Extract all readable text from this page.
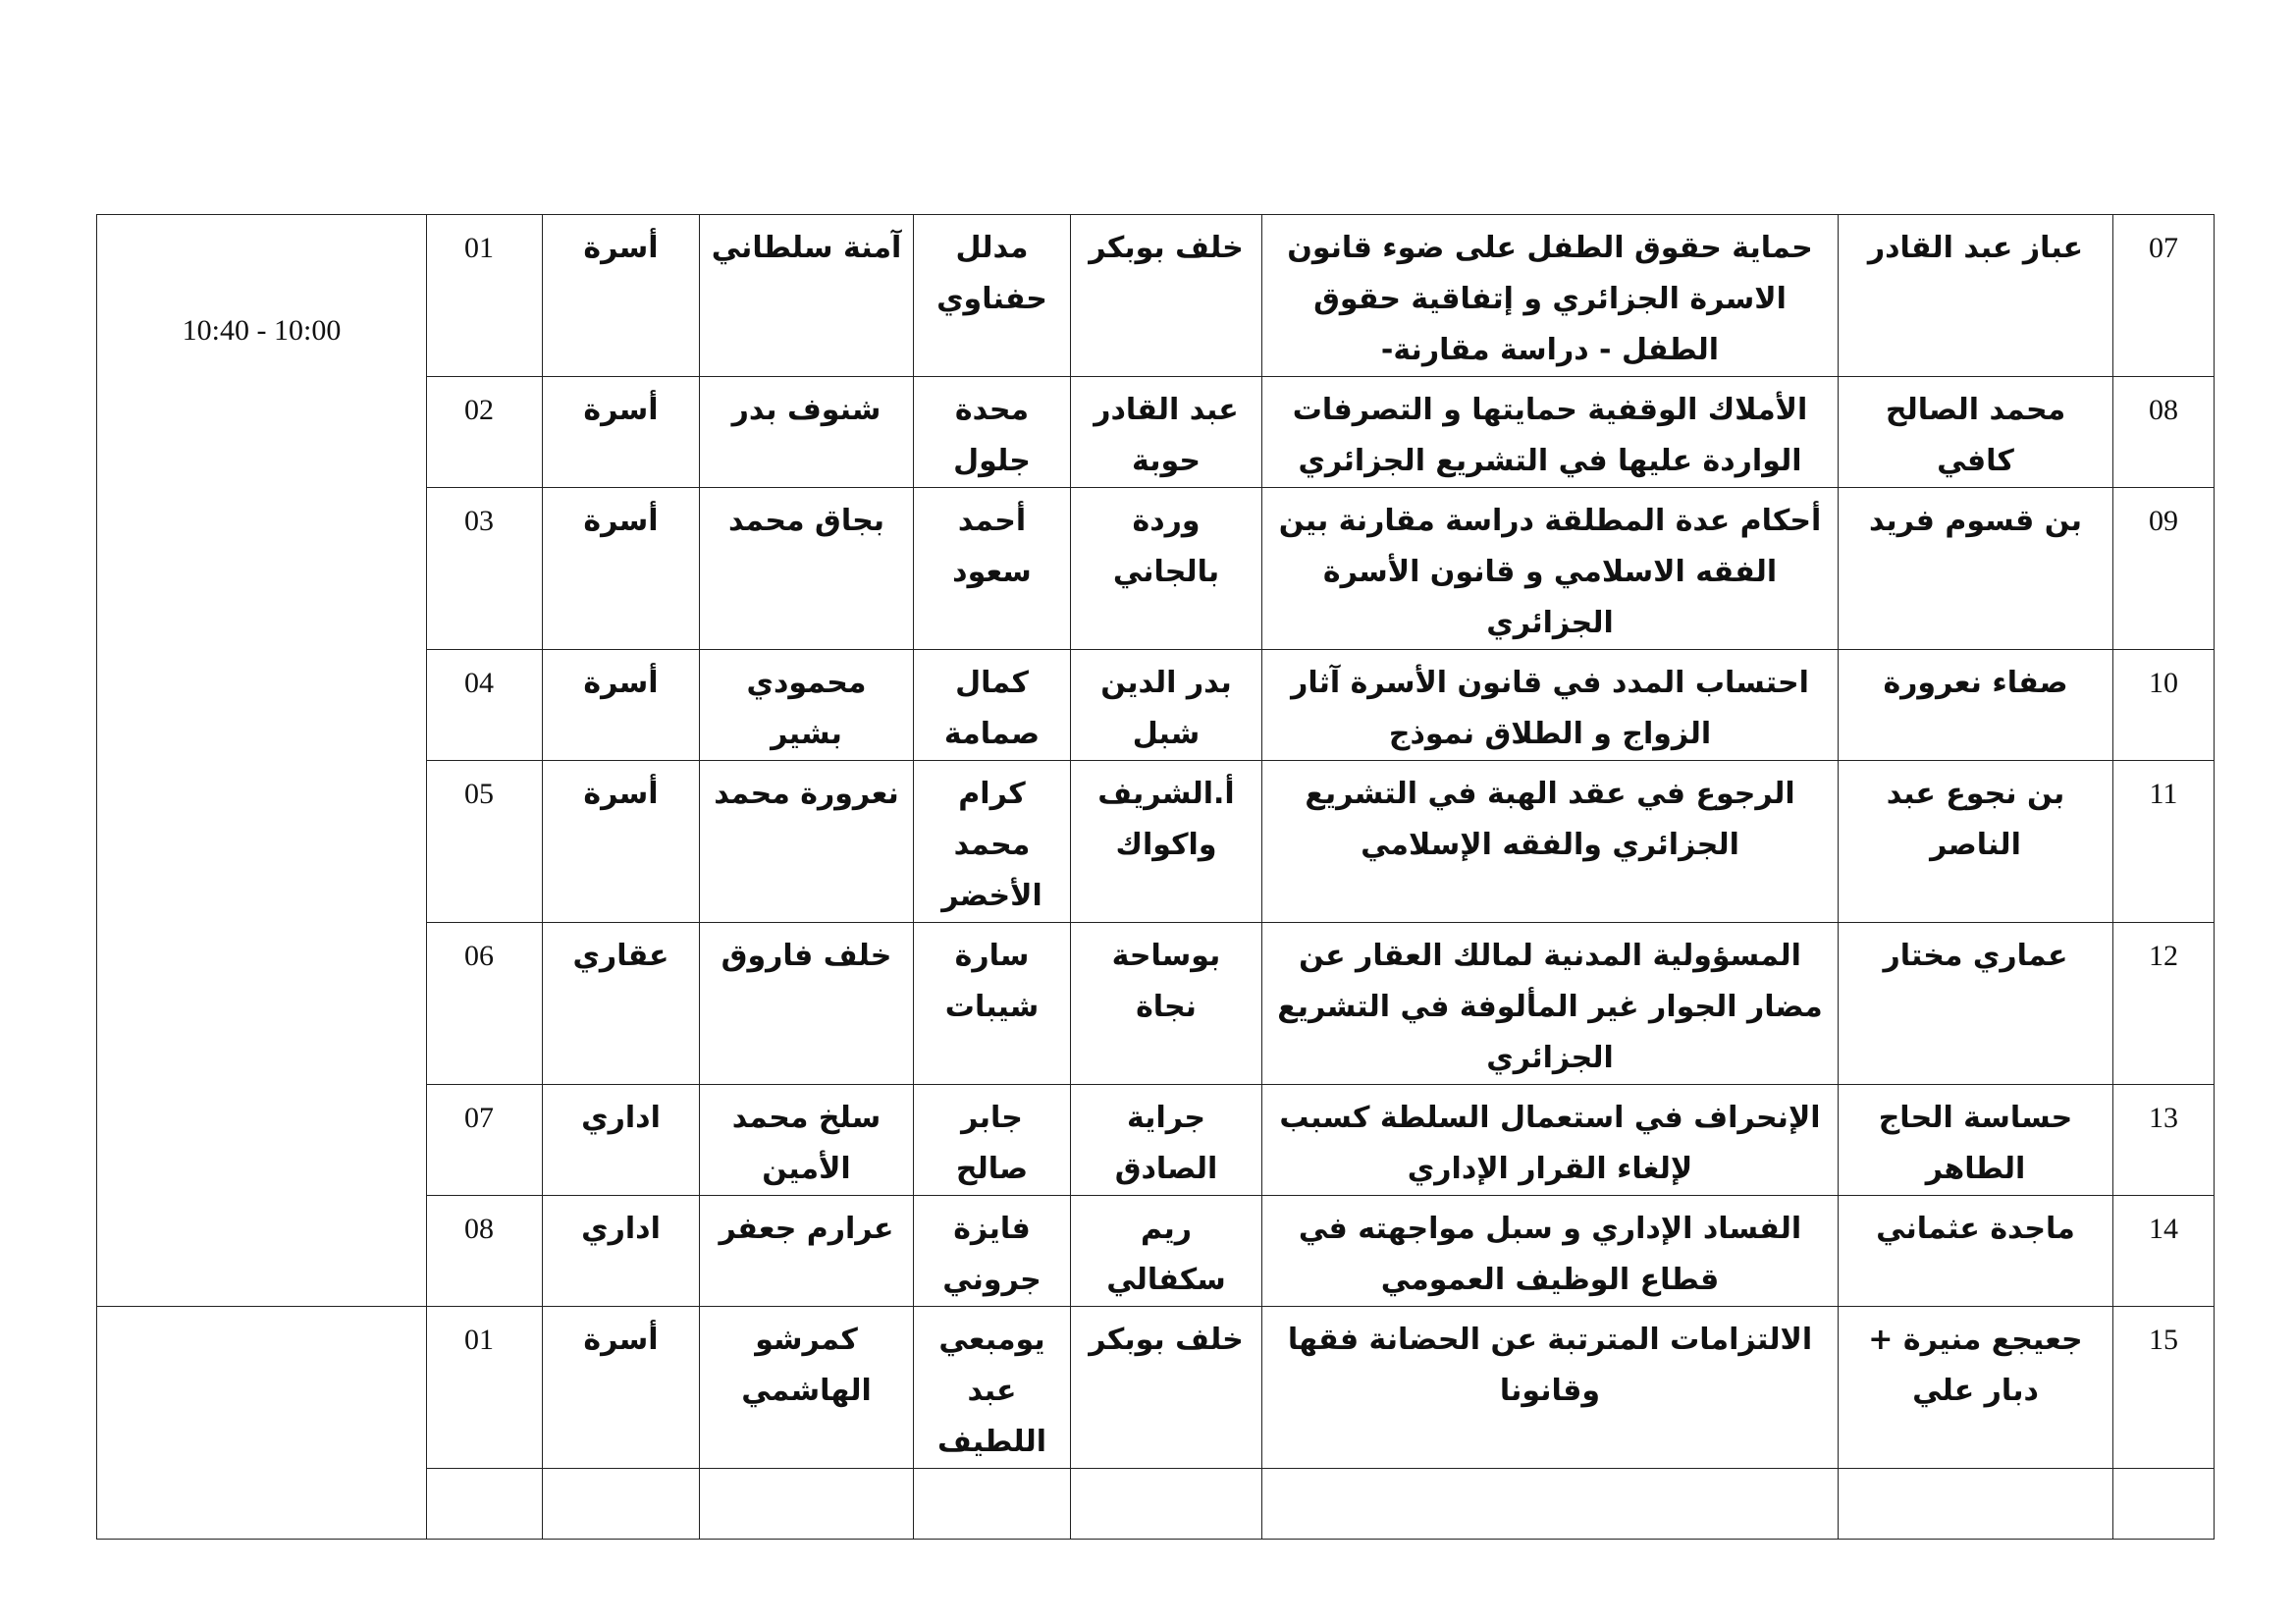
10:40 - 10:00	01	أسرة	آمنة سلطاني	مدلل حفناوي	خلف بوبكر	حماية حقوق الطفل على ضوء قانون الاسرة الجزائري و إتفاقية حقوق الطفل - دراسة مقارنة-	عباز عبد القادر	07
	02	أسرة	شنوف بدر	محدة جلول	عبد القادر حوبة	الأملاك الوقفية حمايتها و التصرفات الواردة عليها في التشريع الجزائري	محمد الصالح كافي	08
	03	أسرة	بجاق محمد	أحمد سعود	وردة بالجاني	أحكام عدة المطلقة دراسة مقارنة بين الفقه الاسلامي و قانون الأسرة الجزائري	بن قسوم فريد	09
	04	أسرة	محمودي بشير	كمال صمامة	بدر الدين شبل	احتساب المدد في قانون الأسرة آثار الزواج و الطلاق نموذج	صفاء نعرورة	10
	05	أسرة	نعرورة محمد	كرام محمد الأخضر	أ.الشريف واكواك	الرجوع في عقد الهبة في التشريع الجزائري والفقه الإسلامي	بن نجوع عبد الناصر	11
	06	عقاري	خلف فاروق	سارة شيبات	بوساحة نجاة	المسؤولية المدنية لمالك العقار عن مضار الجوار غير المألوفة في التشريع الجزائري	عماري مختار	12
	07	اداري	سلخ محمد الأمين	جابر صالح	جراية الصادق	الإنحراف في استعمال السلطة كسبب لإلغاء القرار الإداري	حساسة الحاج الطاهر	13
	08	اداري	عرارم جعفر	فايزة جروني	ريم سكفالي	الفساد الإداري و سبل مواجهته في قطاع الوظيف العمومي	ماجدة عثماني	14
	01	أسرة	كمرشو الهاشمي	يومبعي عبد اللطيف	خلف بوبكر	الالتزامات المترتبة عن الحضانة فقها وقانونا	جعيجع منيرة + دبار علي	15
